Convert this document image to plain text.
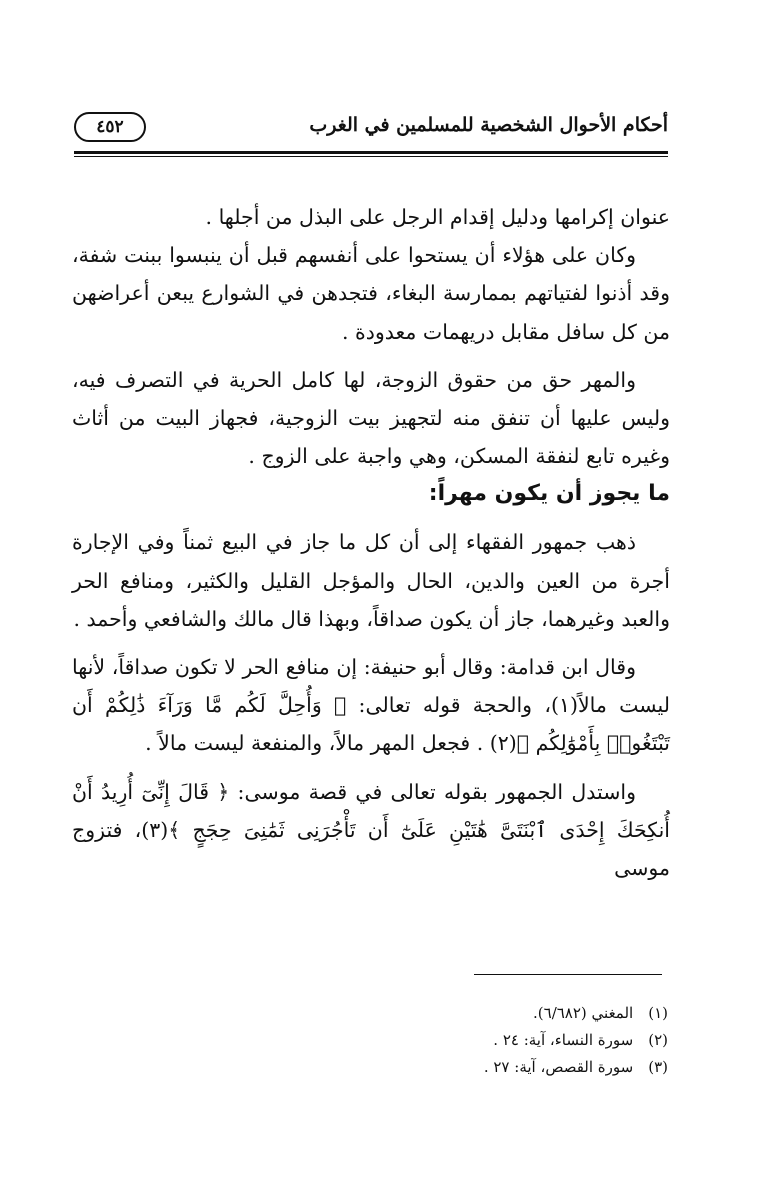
أحكام الأحوال الشخصية للمسلمين في الغرب
٤٥٢

عنوان إكرامها ودليل إقدام الرجل على البذل من أجلها .

وكان على هؤلاء أن يستحوا على أنفسهم قبل أن ينبسوا ببنت شفة، وقد أذنوا لفتياتهم بممارسة البغاء، فتجدهن في الشوارع يبعن أعراضهن من كل سافل مقابل دريهمات معدودة .

والمهر حق من حقوق الزوجة، لها كامل الحرية في التصرف فيه، وليس عليها أن تنفق منه لتجهيز بيت الزوجية، فجهاز البيت من أثاث وغيره تابع لنفقة المسكن، وهي واجبة على الزوج .

ما يجوز أن يكون مهراً:

ذهب جمهور الفقهاء إلى أن كل ما جاز في البيع ثمناً وفي الإجارة أجرة من العين والدين، الحال والمؤجل القليل والكثير، ومنافع الحر والعبد وغيرهما، جاز أن يكون صداقاً، وبهذا قال مالك والشافعي وأحمد .

وقال ابن قدامة: وقال أبو حنيفة: إن منافع الحر لا تكون صداقاً، لأنها ليست مالاً(١)، والحجة قوله تعالى: ﴿ وَأُحِلَّ لَكُم مَّا وَرَآءَ ذَٰلِكُمْ أَن تَبْتَغُوا۟ بِأَمْوَٰلِكُم ﴾(٢) . فجعل المهر مالاً، والمنفعة ليست مالاً .

واستدل الجمهور بقوله تعالى في قصة موسى: ﴿ قَالَ إِنِّىٓ أُرِيدُ أَنْ أُنكِحَكَ إِحْدَى ٱبْنَتَىَّ هَٰتَيْنِ عَلَىٰٓ أَن تَأْجُرَنِى ثَمَٰنِىَ حِجَجٍ ﴾(٣)، فتزوج موسى

(١) المغني (٦/٦٨٢).
(٢) سورة النساء، آية: ٢٤ .
(٣) سورة القصص، آية: ٢٧ .
